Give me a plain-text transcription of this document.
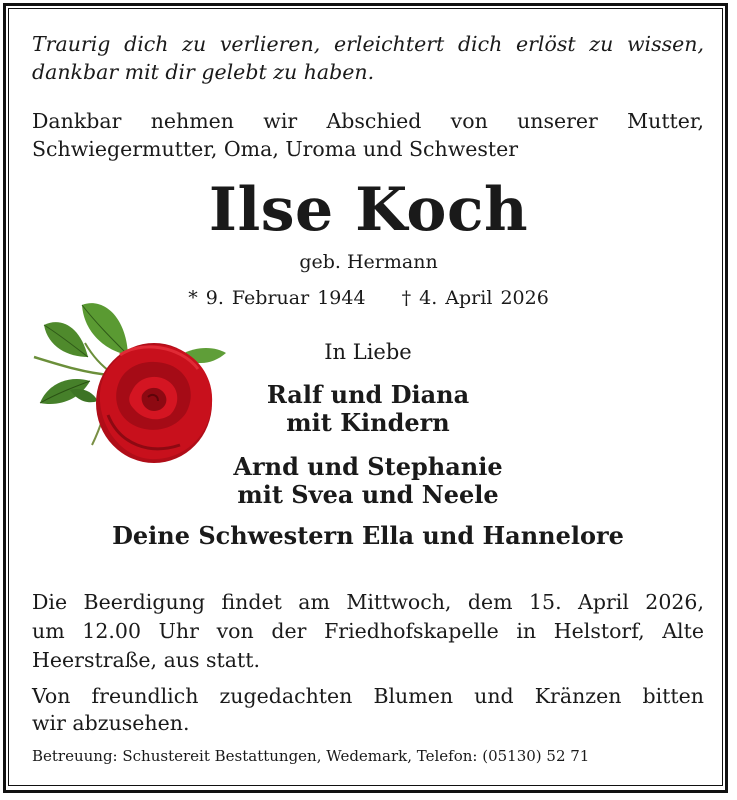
Traurig dich zu verlieren, erleichtert dich erlöst zu wissen,
dankbar mit dir gelebt zu haben.
Dankbar nehmen wir Abschied von unserer Mutter,
Schwiegermutter, Oma, Uroma und Schwester
Ilse Koch
geb. Hermann
* 9. Februar 1944 † 4. April 2026
In Liebe
Ralf und Diana
mit Kindern
Arnd und Stephanie
mit Svea und Neele
Deine Schwestern Ella und Hannelore
Die Beerdigung findet am Mittwoch, dem 15. April 2026,
um 12.00 Uhr von der Friedhofskapelle in Helstorf, Alte
Heerstraße, aus statt.
Von freundlich zugedachten Blumen und Kränzen bitten
wir abzusehen.
Betreuung: Schustereit Bestattungen, Wedemark, Telefon: (05130) 52 71
